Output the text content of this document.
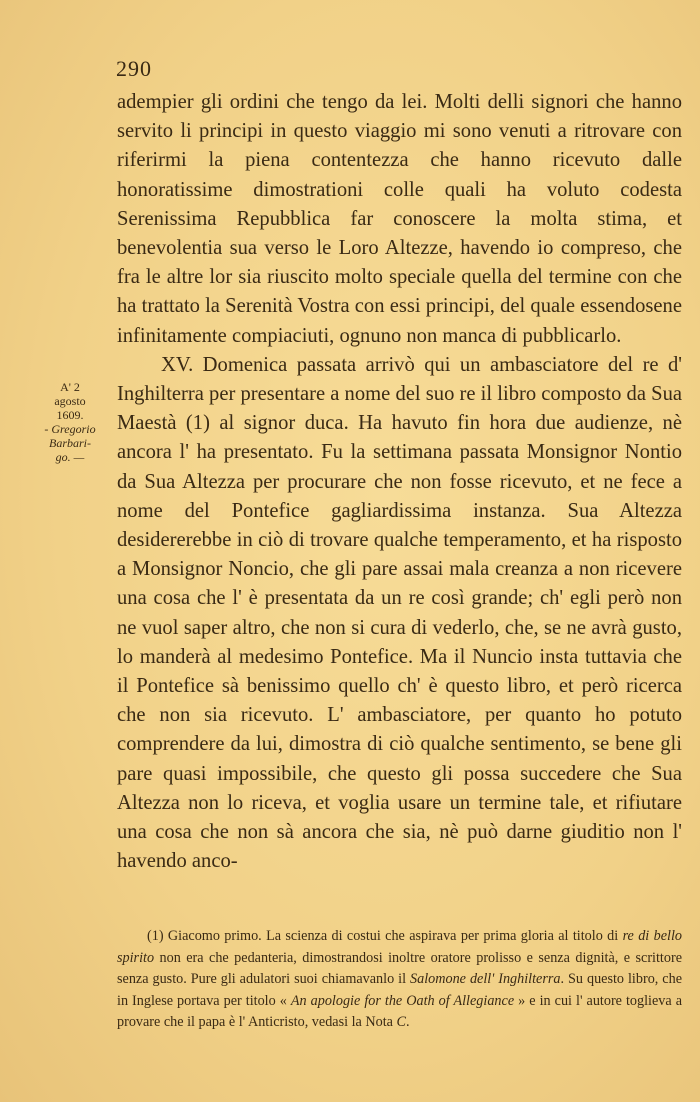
290
A' 2
agosto
1609.
- Gregorio
Barbari-
go. —

adempier gli ordini che tengo da lei. Molti delli signori che hanno servito li principi in questo viaggio mi sono venuti a ritrovare con riferirmi la piena contentezza che hanno ricevuto dalle honoratissime dimostrationi colle quali ha voluto codesta Serenissima Repubblica far conoscere la molta stima, et benevolentia sua verso le Loro Altezze, havendo io compreso, che fra le altre lor sia riuscito molto speciale quella del termine con che ha trattato la Serenità Vostra con essi principi, del quale essendosene infinitamente compiaciuti, ognuno non manca di pubblicarlo.

XV. Domenica passata arrivò qui un ambasciatore del re d' Inghilterra per presentare a nome del suo re il libro composto da Sua Maestà (1) al signor duca. Ha havuto fin hora due audienze, nè ancora l' ha presentato. Fu la settimana passata Monsignor Nontio da Sua Altezza per procurare che non fosse ricevuto, et ne fece a nome del Pontefice gagliardissima instanza. Sua Altezza desidererebbe in ciò di trovare qualche temperamento, et ha risposto a Monsignor Noncio, che gli pare assai mala creanza a non ricevere una cosa che l' è presentata da un re così grande; ch' egli però non ne vuol saper altro, che non si cura di vederlo, che, se ne avrà gusto, lo manderà al medesimo Pontefice. Ma il Nuncio insta tuttavia che il Pontefice sà benissimo quello ch' è questo libro, et però ricerca che non sia ricevuto. L' ambasciatore, per quanto ho potuto comprendere da lui, dimostra di ciò qualche sentimento, se bene gli pare quasi impossibile, che questo gli possa succedere che Sua Altezza non lo riceva, et voglia usare un termine tale, et rifiutare una cosa che non sà ancora che sia, nè può darne giuditio non l' havendo anco-

(1) Giacomo primo. La scienza di costui che aspirava per prima gloria al titolo di re di bello spirito non era che pedanteria, dimostrandosi inoltre oratore prolisso e senza dignità, e scrittore senza gusto. Pure gli adulatori suoi chiamavanlo il Salomone dell' Inghilterra. Su questo libro, che in Inglese portava per titolo « An apologie for the Oath of Allegiance » e in cui l' autore toglieva a provare che il papa è l' Anticristo, vedasi la Nota C.
